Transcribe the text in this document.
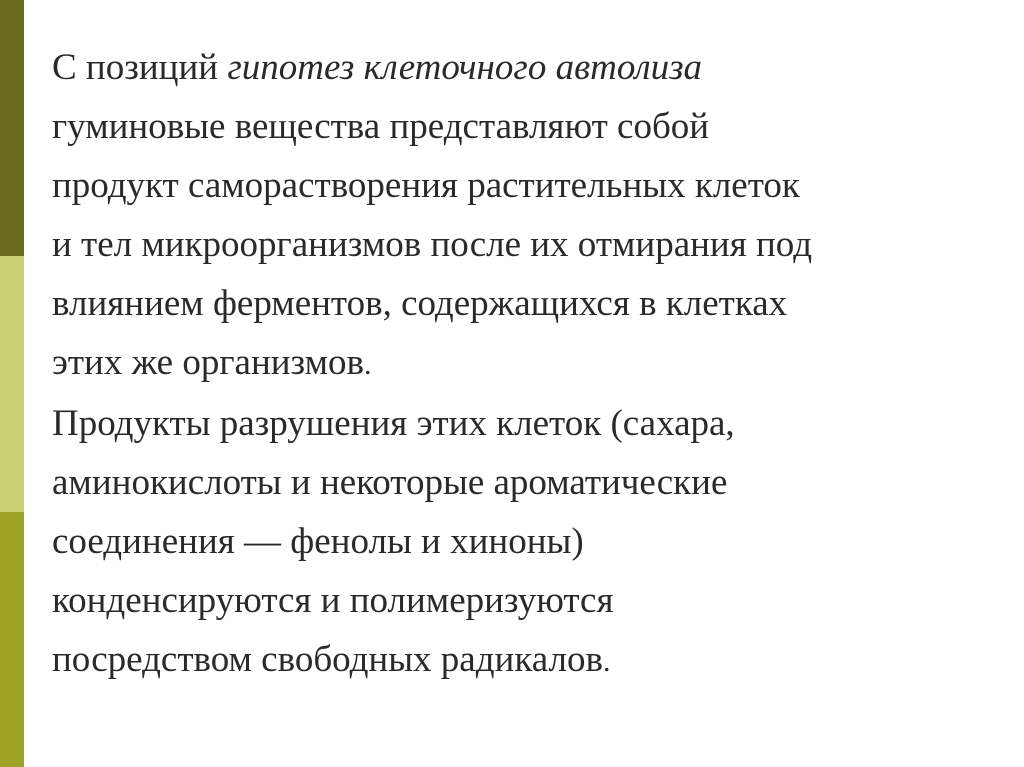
С позиций гипотез клеточного автолиза
гуминовые вещества представляют собой
продукт саморастворения растительных клеток
и тел микроорганизмов после их отмирания под
влиянием ферментов, содержащихся в клетках
этих же организмов.
Продукты разрушения этих клеток (сахара,
аминокислоты и некоторые ароматические
соединения — фенолы и хиноны)
конденсируются и полимеризуются
посредством свободных радикалов.
